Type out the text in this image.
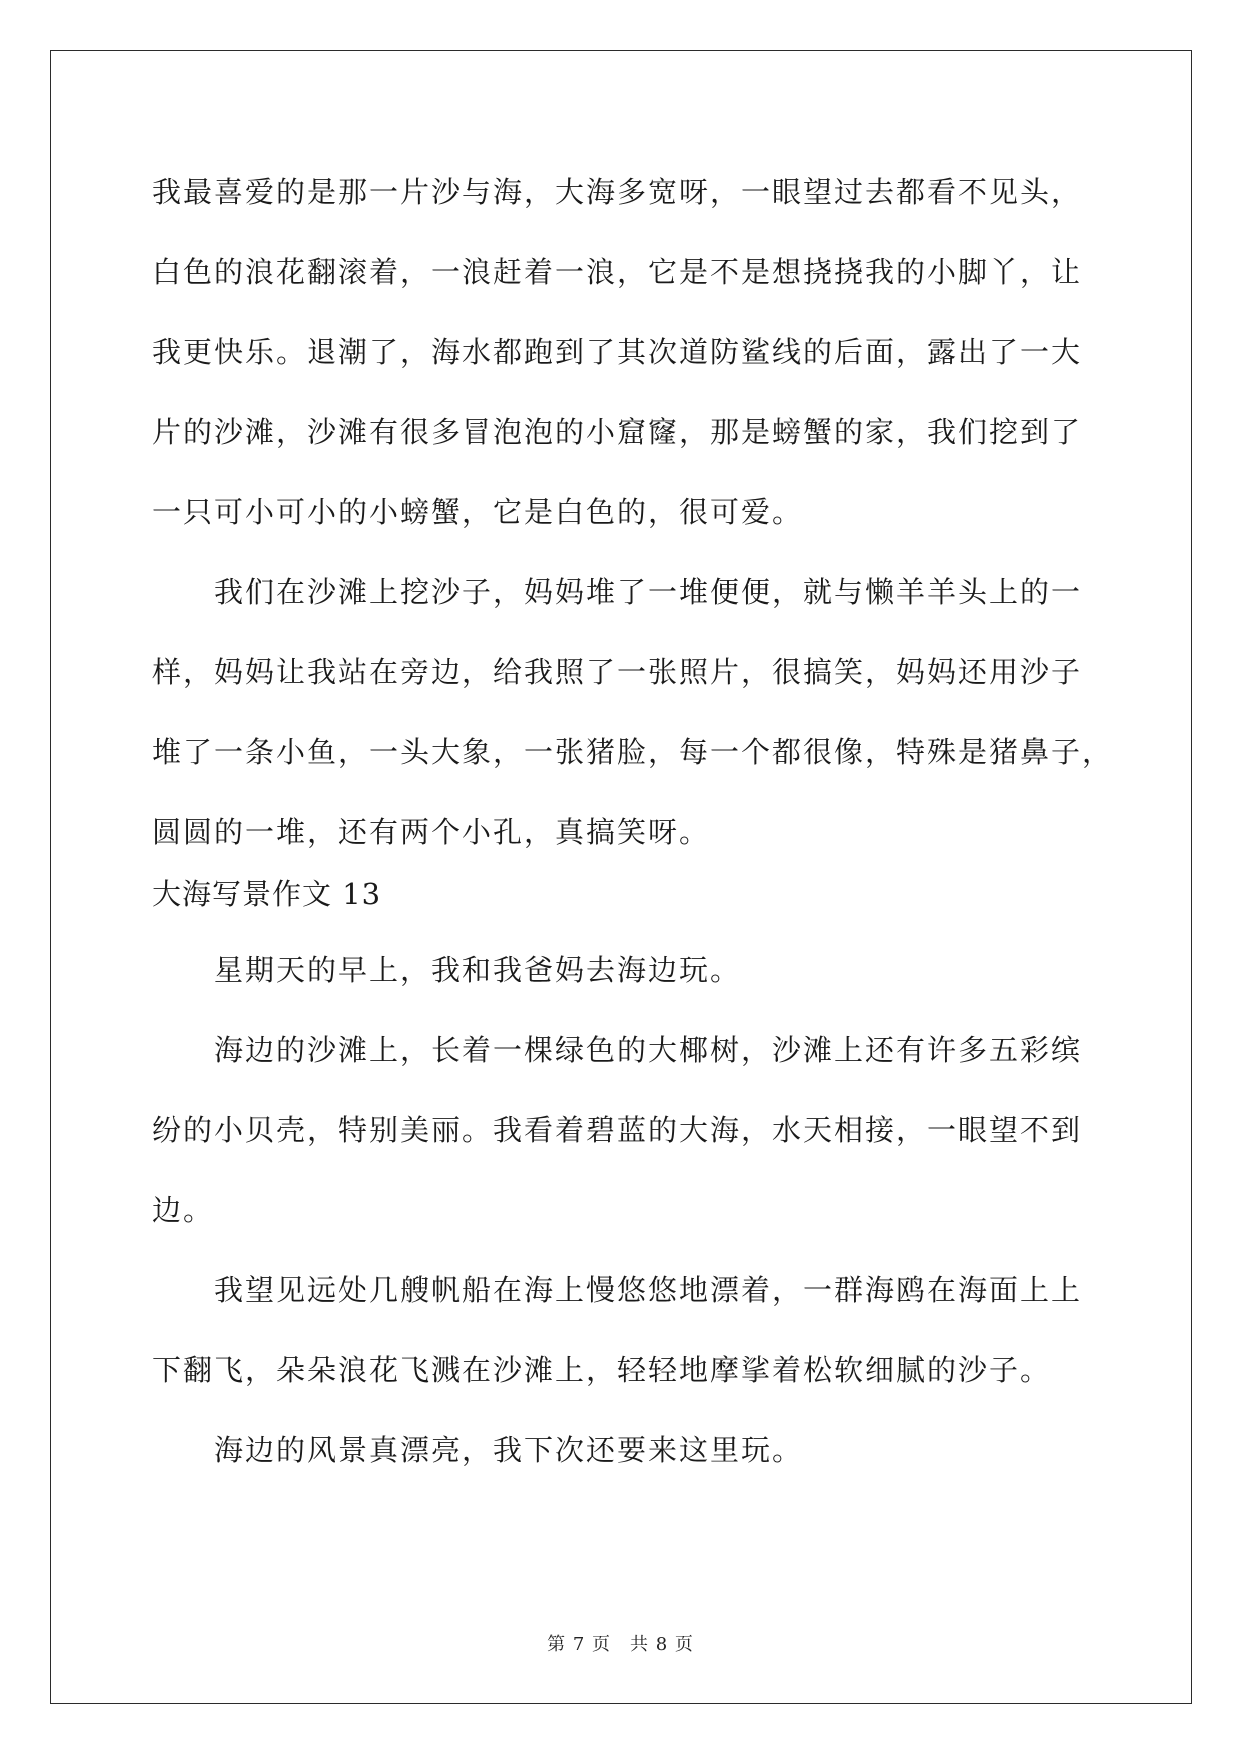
我最喜爱的是那一片沙与海，大海多宽呀，一眼望过去都看不见头，
白色的浪花翻滚着，一浪赶着一浪，它是不是想挠挠我的小脚丫，让
我更快乐。退潮了，海水都跑到了其次道防鲨线的后面，露出了一大
片的沙滩，沙滩有很多冒泡泡的小窟窿，那是螃蟹的家，我们挖到了
一只可小可小的小螃蟹，它是白色的，很可爱。
我们在沙滩上挖沙子，妈妈堆了一堆便便，就与懒羊羊头上的一
样，妈妈让我站在旁边，给我照了一张照片，很搞笑，妈妈还用沙子
堆了一条小鱼，一头大象，一张猪脸，每一个都很像，特殊是猪鼻子，
圆圆的一堆，还有两个小孔，真搞笑呀。
大海写景作文 13
星期天的早上，我和我爸妈去海边玩。
海边的沙滩上，长着一棵绿色的大椰树，沙滩上还有许多五彩缤
纷的小贝壳，特别美丽。我看着碧蓝的大海，水天相接，一眼望不到
边。
我望见远处几艘帆船在海上慢悠悠地漂着，一群海鸥在海面上上
下翻飞，朵朵浪花飞溅在沙滩上，轻轻地摩挲着松软细腻的沙子。
海边的风景真漂亮，我下次还要来这里玩。
第 7 页　共 8 页
